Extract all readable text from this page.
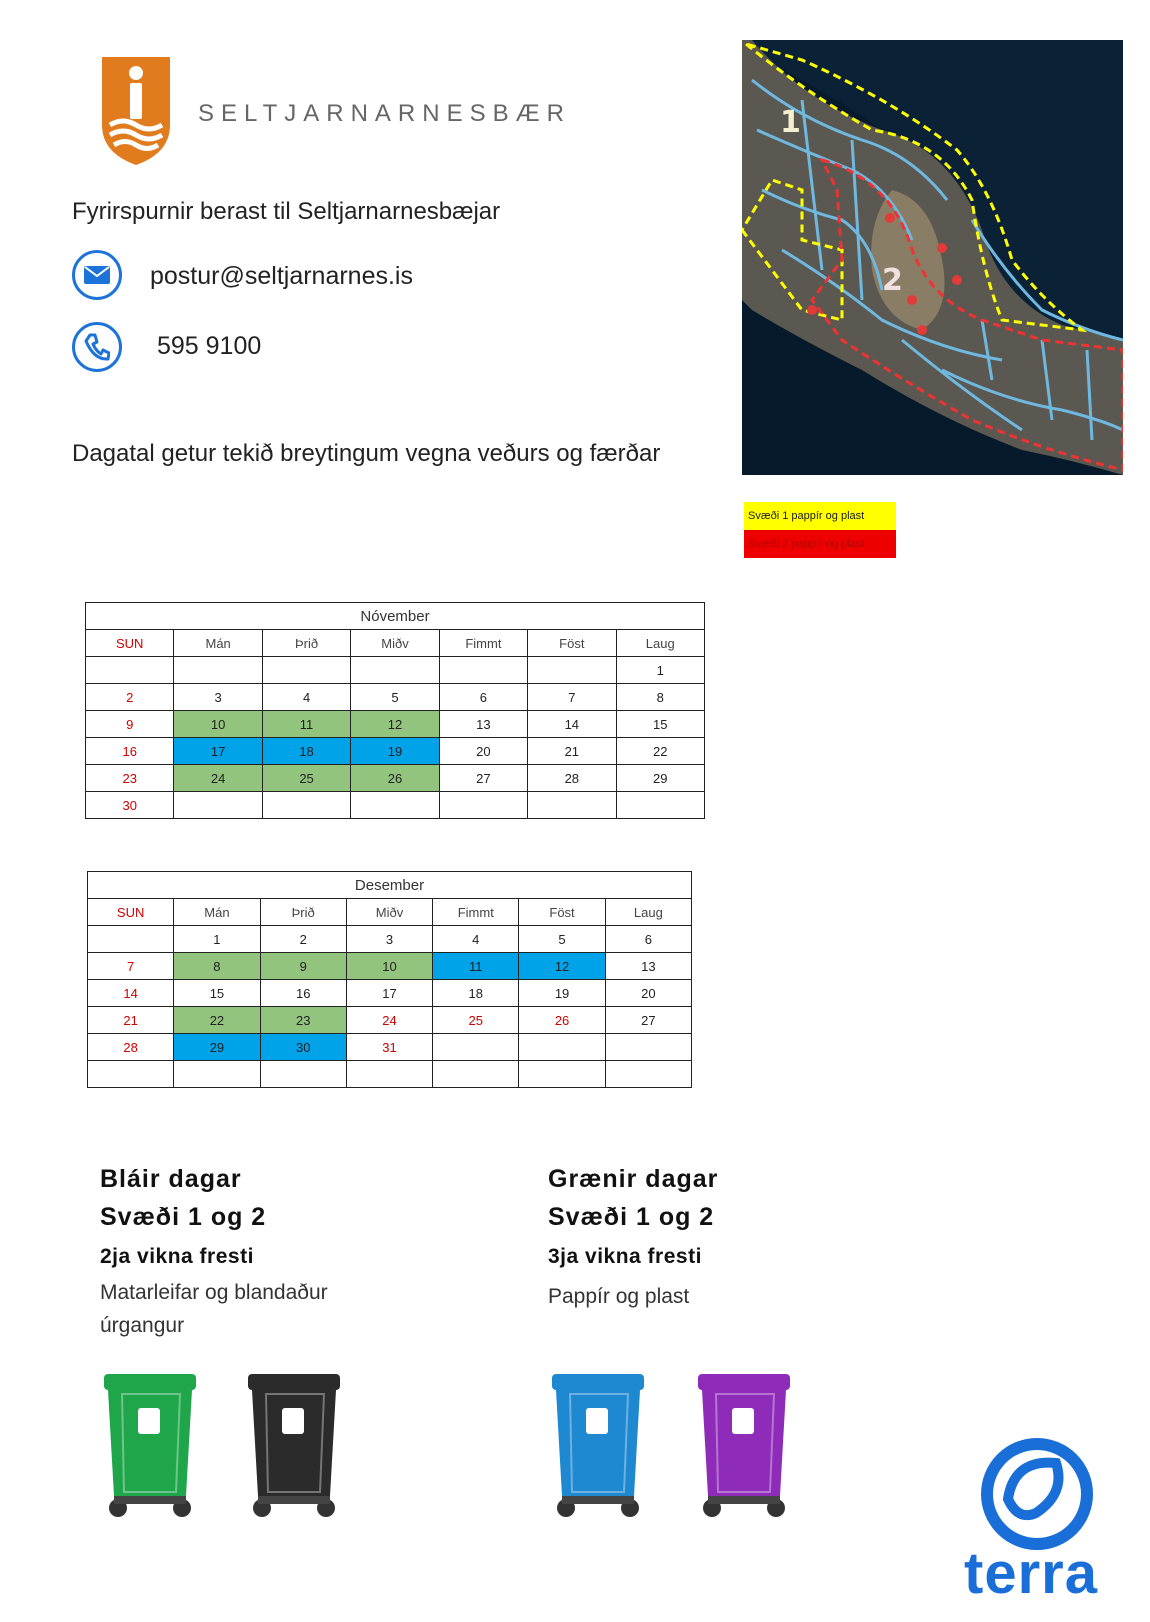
SELTJARNARNESBÆR
Fyrirspurnir berast til Seltjarnarnesbæjar
postur@seltjarnarnes.is
595 9100
Dagatal getur tekið breytingum vegna veðurs og færðar
1
2
Svæði 1 pappír og plast
Svæði 2 pappír og plast
Nóvember						
SUN	Mán	Þrið	Miðv	Fimmt	Föst	Laug
						1
2	3	4	5	6	7	8
9	10	11	12	13	14	15
16	17	18	19	20	21	22
23	24	25	26	27	28	29
30						
Desember						
SUN	Mán	Þrið	Miðv	Fimmt	Föst	Laug
	1	2	3	4	5	6
7	8	9	10	11	12	13
14	15	16	17	18	19	20
21	22	23	24	25	26	27
28	29	30	31			

Bláir dagar
Svæði 1 og 2
2ja vikna fresti
Matarleifar og blandaður úrgangur
Grænir dagar
Svæði 1 og 2
3ja vikna fresti
Pappír og plast
terra
